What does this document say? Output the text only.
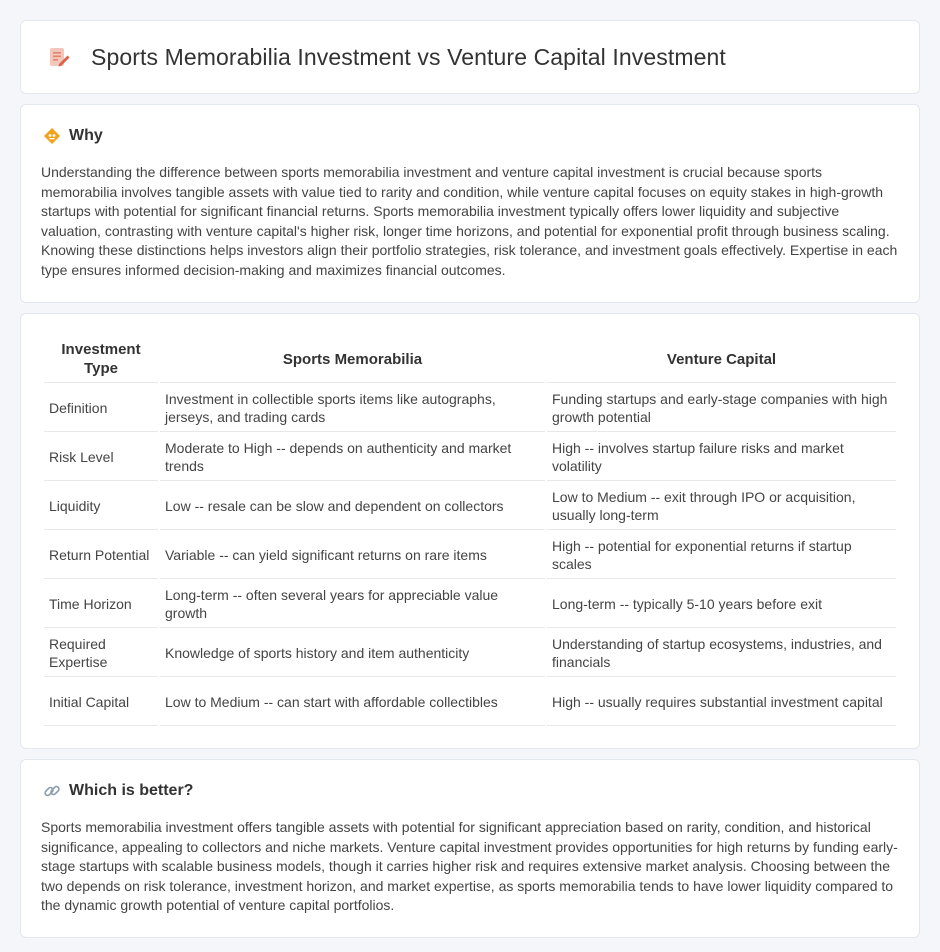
Sports Memorabilia Investment vs Venture Capital Investment
Why

Understanding the difference between sports memorabilia investment and venture capital investment is crucial because sports memorabilia involves tangible assets with value tied to rarity and condition, while venture capital focuses on equity stakes in high-growth startups with potential for significant financial returns. Sports memorabilia investment typically offers lower liquidity and subjective valuation, contrasting with venture capital's higher risk, longer time horizons, and potential for exponential profit through business scaling. Knowing these distinctions helps investors align their portfolio strategies, risk tolerance, and investment goals effectively. Expertise in each type ensures informed decision-making and maximizes financial outcomes.

Investment Type	Sports Memorabilia	Venture Capital
Definition	Investment in collectible sports items like autographs, jerseys, and trading cards	Funding startups and early-stage companies with high growth potential
Risk Level	Moderate to High -- depends on authenticity and market trends	High -- involves startup failure risks and market volatility
Liquidity	Low -- resale can be slow and dependent on collectors	Low to Medium -- exit through IPO or acquisition, usually long-term
Return Potential	Variable -- can yield significant returns on rare items	High -- potential for exponential returns if startup scales
Time Horizon	Long-term -- often several years for appreciable value growth	Long-term -- typically 5-10 years before exit
Required Expertise	Knowledge of sports history and item authenticity	Understanding of startup ecosystems, industries, and financials
Initial Capital	Low to Medium -- can start with affordable collectibles	High -- usually requires substantial investment capital
Which is better?

Sports memorabilia investment offers tangible assets with potential for significant appreciation based on rarity, condition, and historical significance, appealing to collectors and niche markets. Venture capital investment provides opportunities for high returns by funding early-stage startups with scalable business models, though it carries higher risk and requires extensive market analysis. Choosing between the two depends on risk tolerance, investment horizon, and market expertise, as sports memorabilia tends to have lower liquidity compared to the dynamic growth potential of venture capital portfolios.
